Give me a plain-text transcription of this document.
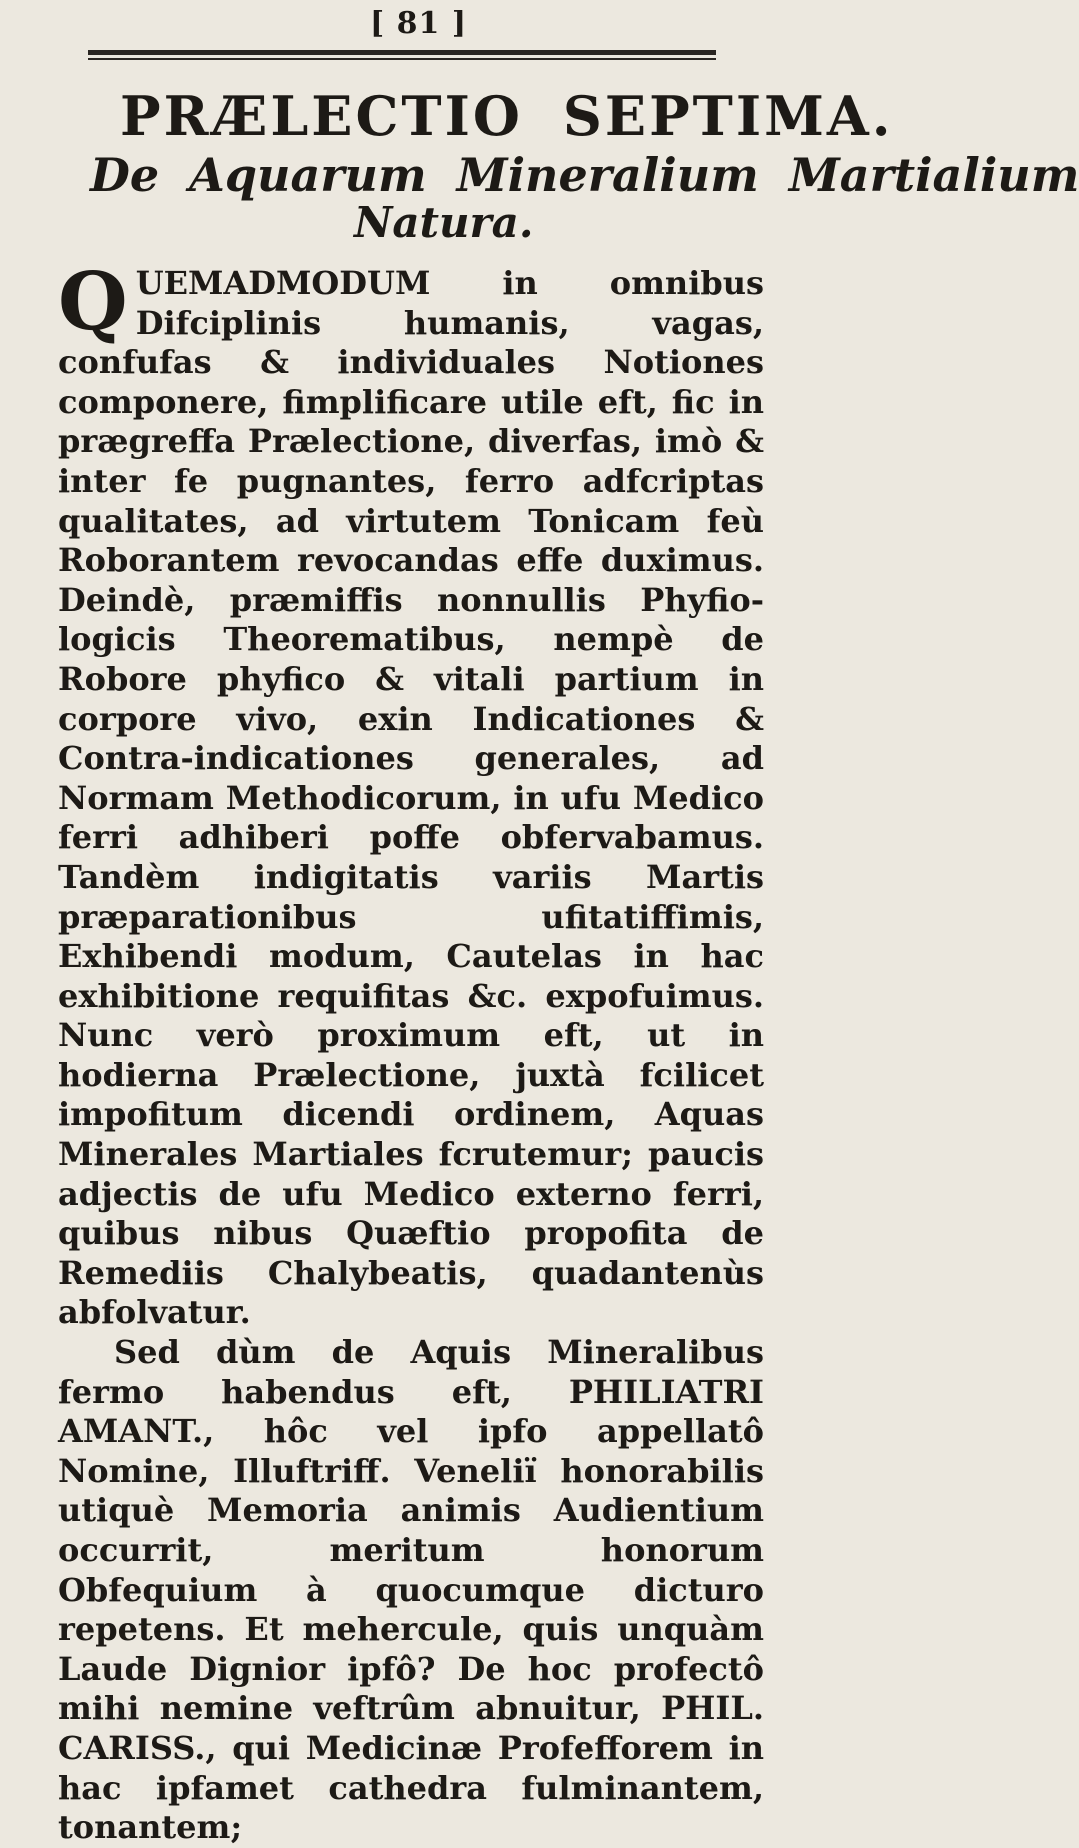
[ 81 ]
PRÆLECTIO SEPTIMA.
De Aquarum Mineralium Martialium
Natura.

QUEMADMODUM in omnibus Difciplinis humanis, vagas, confufas & individuales Notiones componere, fimplificare utile eft, fic in prægreffa Prælectione, diverfas, imò & inter fe pugnantes, ferro adfcriptas qualitates, ad virtutem Tonicam feù Roborantem revocandas effe duximus. Deindè, præmiffis nonnullis Phyfio-logicis Theorematibus, nempè de Robore phyfico & vitali partium in corpore vivo, exin Indicationes & Contra-indicationes generales, ad Normam Methodicorum, in ufu Medico ferri adhiberi poffe obfervabamus. Tandèm indigitatis variis Martis præparationibus ufitatiffimis, Exhibendi modum, Cautelas in hac exhibitione requifitas &c. expofuimus. Nunc verò proximum eft, ut in hodierna Prælectione, juxtà fcilicet impofitum dicendi ordinem, Aquas Minerales Martiales fcrutemur; paucis adjectis de ufu Medico externo ferri, quibus nibus Quæftio propofita de Remediis Chalybeatis, quadantenùs abfolvatur.

Sed dùm de Aquis Mineralibus fermo habendus eft, PHILIATRI AMANT., hôc vel ipfo appellatô Nomine, Illuftriff. Veneliï honorabilis utiquè Memoria animis Audientium occurrit, meritum honorum Obfequium à quocumque dicturo repetens. Et mehercule, quis unquàm Laude Dignior ipfô? De hoc profectô mihi nemine veftrûm abnuitur, PHIL. CARISS., qui Medicinæ Profefforem in hac ipfamet cathedra fulminantem, tonantem;
